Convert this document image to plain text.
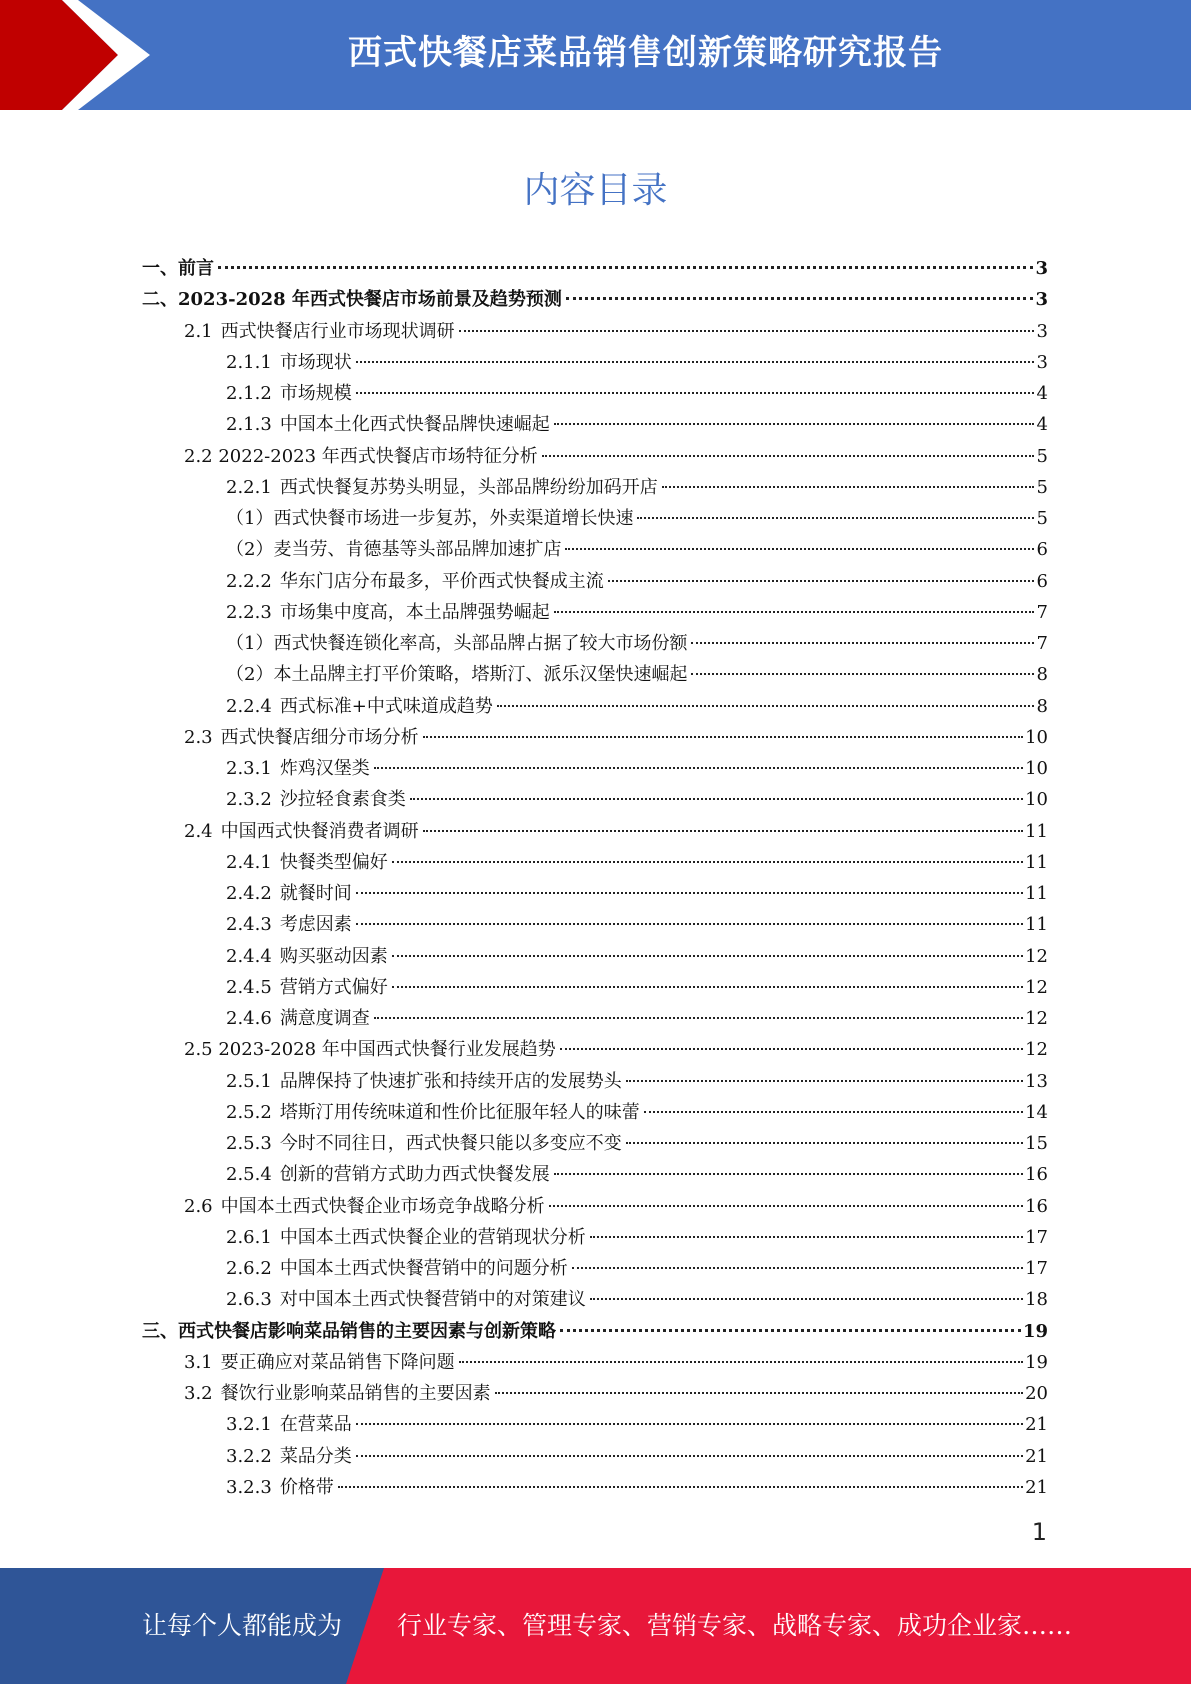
西式快餐店菜品销售创新策略研究报告
内容目录
一、 前言	3
二、 2023-2028 年西式快餐店市场前景及趋势预测	3
2.1 西式快餐店行业市场现状调研	3
2.1.1 市场现状	3
2.1.2 市场规模	4
2.1.3 中国本土化西式快餐品牌快速崛起	4
2.2 2022-2023 年西式快餐店市场特征分析	5
2.2.1 西式快餐复苏势头明显，头部品牌纷纷加码开店	5
（1）西式快餐市场进一步复苏，外卖渠道增长快速	5
（2）麦当劳、肯德基等头部品牌加速扩店	6
2.2.2 华东门店分布最多，平价西式快餐成主流	6
2.2.3 市场集中度高，本土品牌强势崛起	7
（1）西式快餐连锁化率高，头部品牌占据了较大市场份额	7
（2）本土品牌主打平价策略，塔斯汀、派乐汉堡快速崛起	8
2.2.4 西式标准+中式味道成趋势	8
2.3 西式快餐店细分市场分析	10
2.3.1 炸鸡汉堡类	10
2.3.2 沙拉轻食素食类	10
2.4 中国西式快餐消费者调研	11
2.4.1 快餐类型偏好	11
2.4.2 就餐时间	11
2.4.3 考虑因素	11
2.4.4 购买驱动因素	12
2.4.5 营销方式偏好	12
2.4.6 满意度调查	12
2.5 2023-2028 年中国西式快餐行业发展趋势	12
2.5.1 品牌保持了快速扩张和持续开店的发展势头	13
2.5.2 塔斯汀用传统味道和性价比征服年轻人的味蕾	14
2.5.3 今时不同往日，西式快餐只能以多变应不变	15
2.5.4 创新的营销方式助力西式快餐发展	16
2.6 中国本土西式快餐企业市场竞争战略分析	16
2.6.1 中国本土西式快餐企业的营销现状分析	17
2.6.2 中国本土西式快餐营销中的问题分析	17
2.6.3 对中国本土西式快餐营销中的对策建议	18
三、 西式快餐店影响菜品销售的主要因素与创新策略	19
3.1 要正确应对菜品销售下降问题	19
3.2 餐饮行业影响菜品销售的主要因素	20
3.2.1 在营菜品	21
3.2.2 菜品分类	21
3.2.3 价格带	21
1
让每个人都能成为 行业专家、管理专家、营销专家、战略专家、成功企业家……
